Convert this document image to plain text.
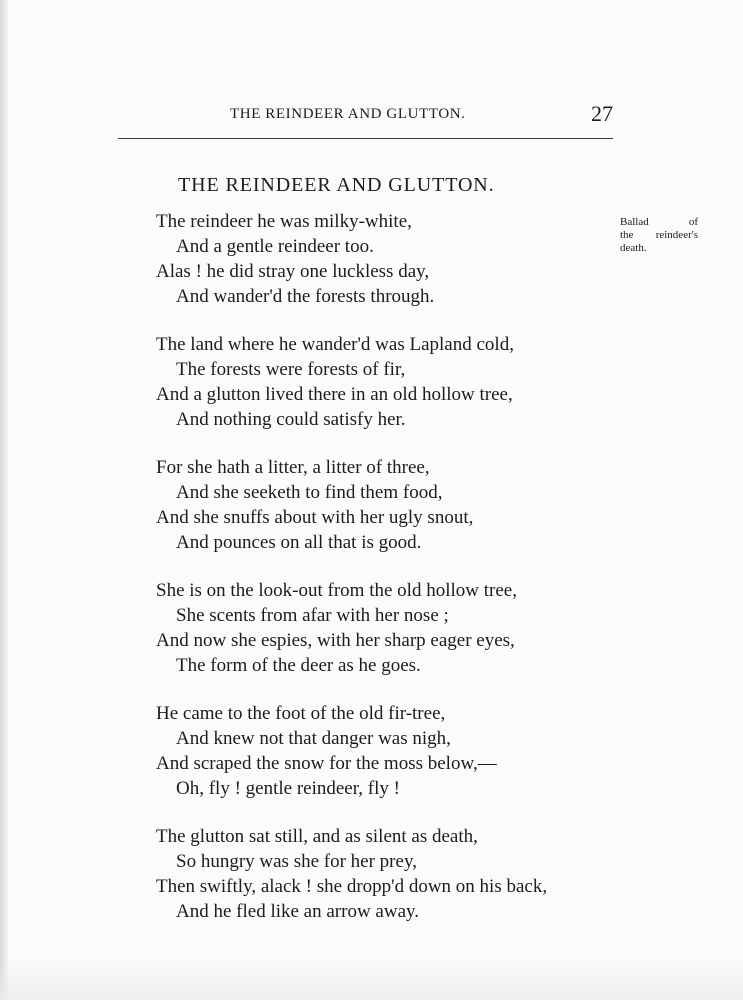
THE REINDEER AND GLUTTON.	27
THE REINDEER AND GLUTTON.
The reindeer he was milky-white,
And a gentle reindeer too.
Alas ! he did stray one luckless day,
And wander'd the forests through.
The land where he wander'd was Lapland cold,
The forests were forests of fir,
And a glutton lived there in an old hollow tree,
And nothing could satisfy her.
For she hath a litter, a litter of three,
And she seeketh to find them food,
And she snuffs about with her ugly snout,
And pounces on all that is good.
She is on the look-out from the old hollow tree,
She scents from afar with her nose ;
And now she espies, with her sharp eager eyes,
The form of the deer as he goes.
He came to the foot of the old fir-tree,
And knew not that danger was nigh,
And scraped the snow for the moss below,—
Oh, fly ! gentle reindeer, fly !
The glutton sat still, and as silent as death,
So hungry was she for her prey,
Then swiftly, alack ! she dropp'd down on his back,
And he fled like an arrow away.
Ballad of
the reindeer's
death.
